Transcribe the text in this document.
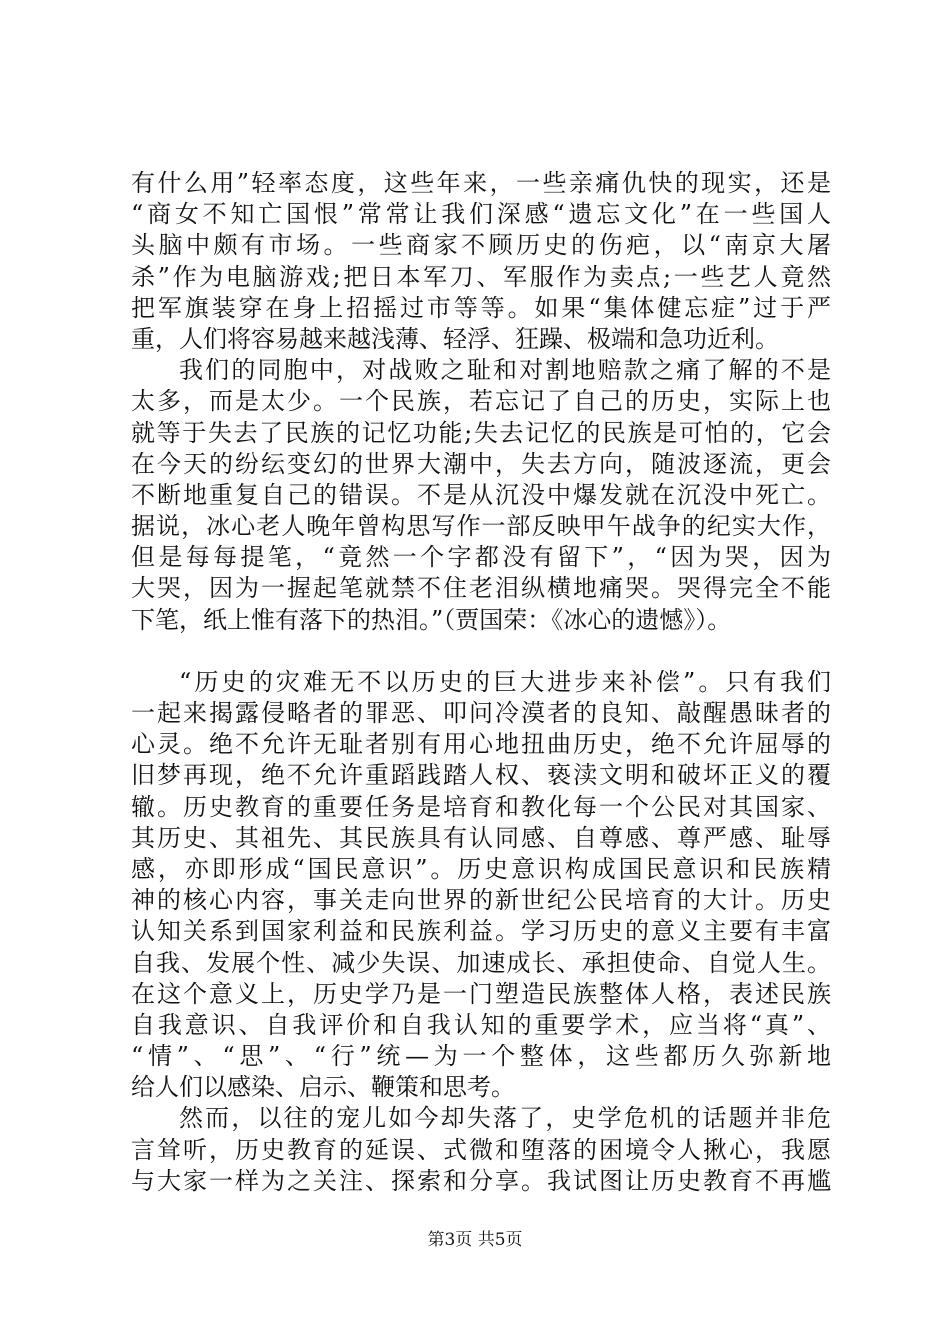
有什么用”轻率态度，这些年来，一些亲痛仇快的现实，还是
“商女不知亡国恨”常常让我们深感“遗忘文化”在一些国人
头脑中颇有市场。一些商家不顾历史的伤疤，以“南京大屠
杀”作为电脑游戏;把日本军刀、军服作为卖点;一些艺人竟然
把军旗装穿在身上招摇过市等等。如果“集体健忘症”过于严
重，人们将容易越来越浅薄、轻浮、狂躁、极端和急功近利。
我们的同胞中，对战败之耻和对割地赔款之痛了解的不是
太多，而是太少。一个民族，若忘记了自己的历史，实际上也
就等于失去了民族的记忆功能;失去记忆的民族是可怕的，它会
在今天的纷纭变幻的世界大潮中，失去方向，随波逐流，更会
不断地重复自己的错误。不是从沉没中爆发就在沉没中死亡。
据说，冰心老人晚年曾构思写作一部反映甲午战争的纪实大作，
但是每每提笔，“竟然一个字都没有留下”，“因为哭，因为
大哭，因为一握起笔就禁不住老泪纵横地痛哭。哭得完全不能
下笔，纸上惟有落下的热泪。”（贾国荣：《冰心的遗憾》）。
“历史的灾难无不以历史的巨大进步来补偿”。只有我们
一起来揭露侵略者的罪恶、叩问冷漠者的良知、敲醒愚昧者的
心灵。绝不允许无耻者别有用心地扭曲历史，绝不允许屈辱的
旧梦再现，绝不允许重蹈践踏人权、亵渎文明和破坏正义的覆
辙。历史教育的重要任务是培育和教化每一个公民对其国家、
其历史、其祖先、其民族具有认同感、自尊感、尊严感、耻辱
感，亦即形成“国民意识”。历史意识构成国民意识和民族精
神的核心内容，事关走向世界的新世纪公民培育的大计。历史
认知关系到国家利益和民族利益。学习历史的意义主要有丰富
自我、发展个性、减少失误、加速成长、承担使命、自觉人生。
在这个意义上，历史学乃是一门塑造民族整体人格，表述民族
自我意识、自我评价和自我认知的重要学术，应当将“真”、
“情”、“思”、“行”统—为一个整体，这些都历久弥新地
给人们以感染、启示、鞭策和思考。
然而，以往的宠儿如今却失落了，史学危机的话题并非危
言耸听，历史教育的延误、式微和堕落的困境令人揪心，我愿
与大家一样为之关注、探索和分享。我试图让历史教育不再尴
第3页 共5页
